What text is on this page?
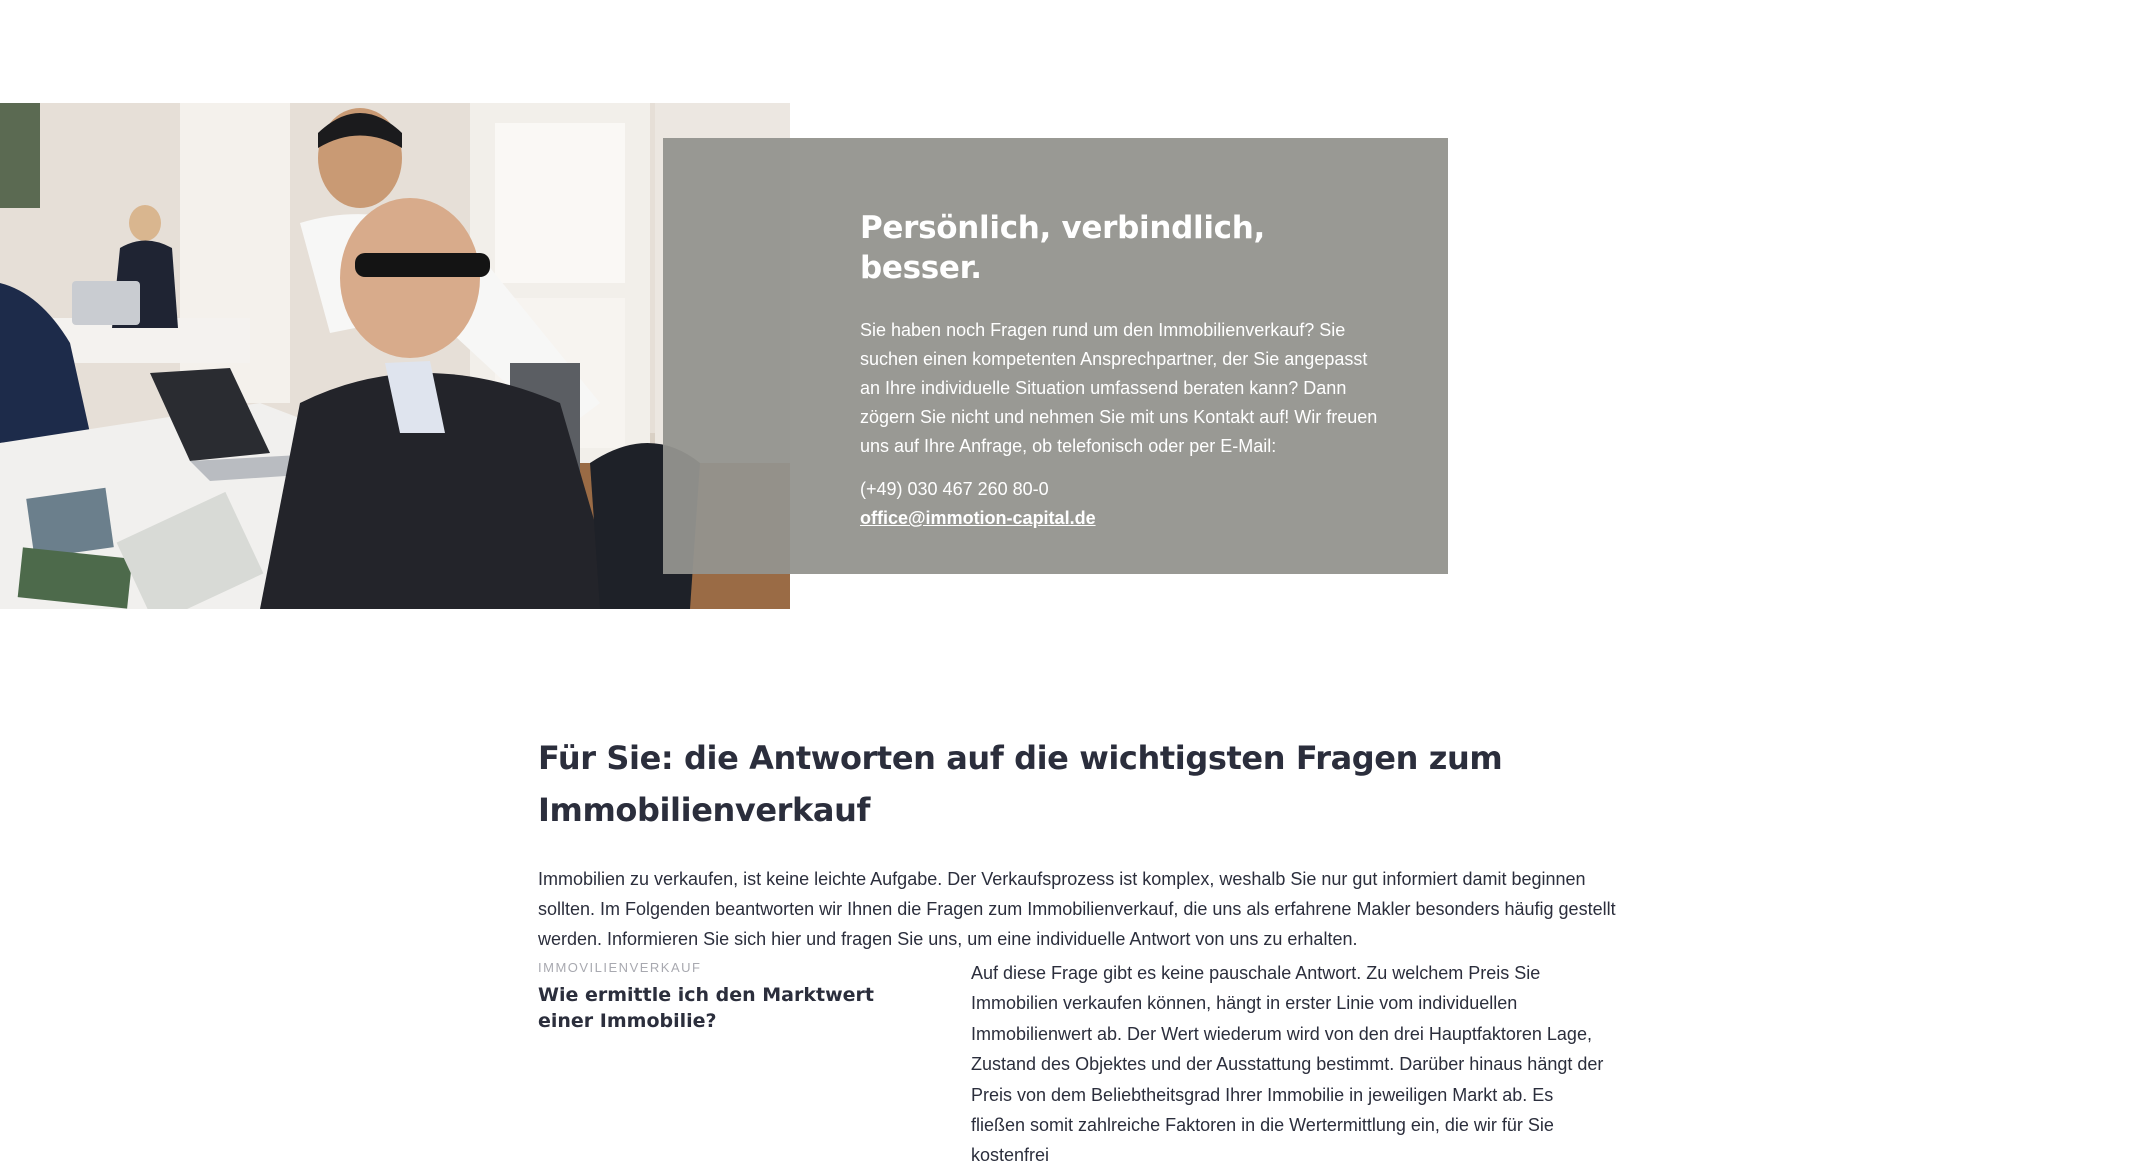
Persönlich, verbindlich, besser.

Sie haben noch Fragen rund um den Immobilienverkauf? Sie suchen einen kompetenten Ansprechpartner, der Sie angepasst an Ihre individuelle Situation umfassend beraten kann? Dann zögern Sie nicht und nehmen Sie mit uns Kontakt auf! Wir freuen uns auf Ihre Anfrage, ob telefonisch oder per E-Mail:

(+49) 030 467 260 80-0
office@immotion-capital.de
Für Sie: die Antworten auf die wichtigsten Fragen zum Immobilienverkauf

Immobilien zu verkaufen, ist keine leichte Aufgabe. Der Verkaufsprozess ist komplex, weshalb Sie nur gut informiert damit beginnen sollten. Im Folgenden beantworten wir Ihnen die Fragen zum Immobilienverkauf, die uns als erfahrene Makler besonders häufig gestellt werden. Informieren Sie sich hier und fragen Sie uns, um eine individuelle Antwort von uns zu erhalten.

IMMOVILIENVERKAUF
Wie ermittle ich den Marktwert einer Immobilie?

Auf diese Frage gibt es keine pauschale Antwort. Zu welchem Preis Sie Immobilien verkaufen können, hängt in erster Linie vom individuellen Immobilienwert ab. Der Wert wiederum wird von den drei Hauptfaktoren Lage, Zustand des Objektes und der Ausstattung bestimmt. Darüber hinaus hängt der Preis von dem Beliebtheitsgrad Ihrer Immobilie in jeweiligen Markt ab. Es fließen somit zahlreiche Faktoren in die Wertermittlung ein, die wir für Sie kostenfrei
